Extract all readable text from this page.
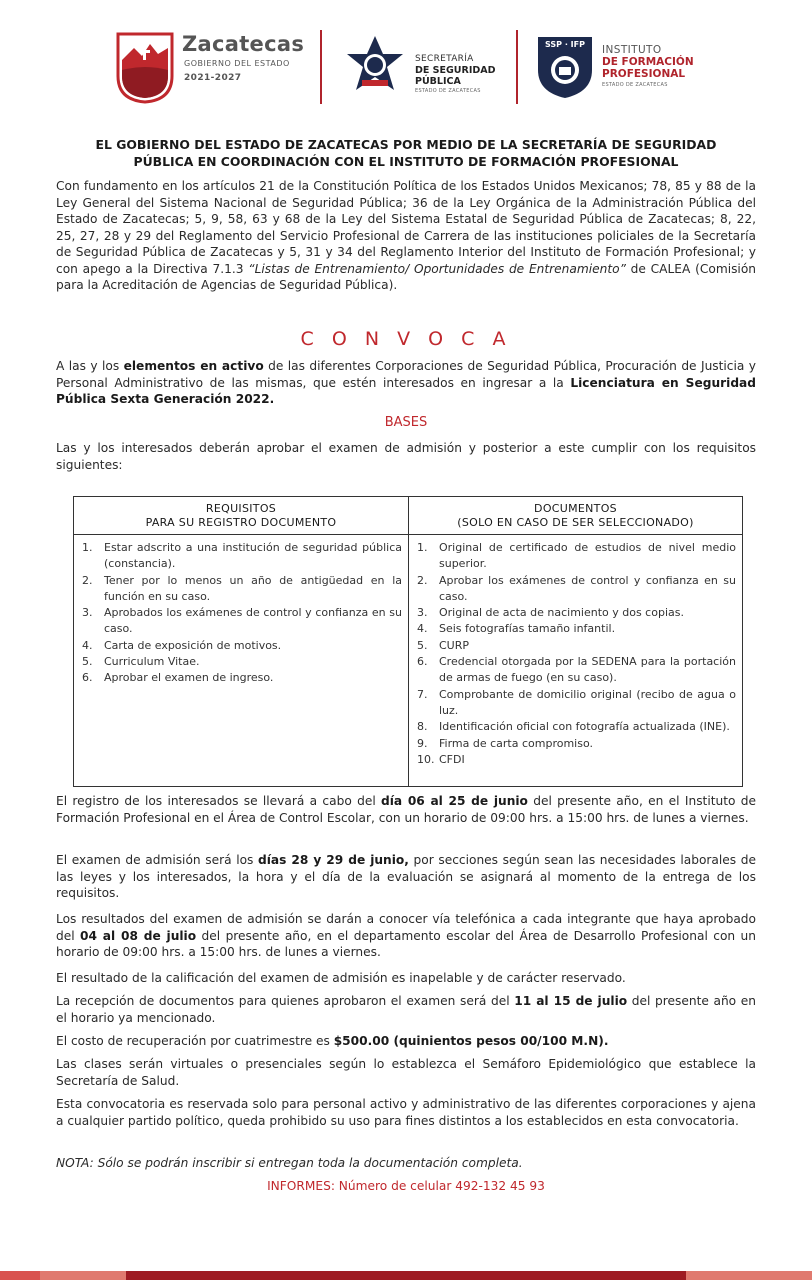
Zacatecas
GOBIERNO DEL ESTADO
2021-2027
SECRETARÍA
DE SEGURIDAD
PÚBLICA
ESTADO DE ZACATECAS
SSP · IFP INSTITUTO
DE FORMACIÓN
PROFESIONAL
ESTADO DE ZACATECAS
EL GOBIERNO DEL ESTADO DE ZACATECAS POR MEDIO DE LA SECRETARÍA DE SEGURIDAD
PÚBLICA EN COORDINACIÓN CON EL INSTITUTO DE FORMACIÓN PROFESIONAL

Con fundamento en los artículos 21 de la Constitución Política de los Estados Unidos Mexicanos; 78, 85 y 88 de la Ley General del Sistema Nacional de Seguridad Pública; 36 de la Ley Orgánica de la Administración Pública del Estado de Zacatecas; 5, 9, 58, 63 y 68 de la Ley del Sistema Estatal de Seguridad Pública de Zacatecas; 8, 22, 25, 27, 28 y 29 del Reglamento del Servicio Profesional de Carrera de las instituciones policiales de la Secretaría de Seguridad Pública de Zacatecas y 5, 31 y 34 del Reglamento Interior del Instituto de Formación Profesional; y con apego a la Directiva 7.1.3 “Listas de Entrenamiento/ Oportunidades de Entrenamiento” de CALEA (Comisión para la Acreditación de Agencias de Seguridad Pública).

C O N V O C A

A las y los elementos en activo de las diferentes Corporaciones de Seguridad Pública, Procuración de Justicia y Personal Administrativo de las mismas, que estén interesados en ingresar a la Licenciatura en Seguridad Pública Sexta Generación 2022.

BASES

Las y los interesados deberán aprobar el examen de admisión y posterior a este cumplir con los requisitos siguientes:

REQUISITOS
PARA SU REGISTRO DOCUMENTO
1. Estar adscrito a una institución de seguridad pública (constancia).
2. Tener por lo menos un año de antigüedad en la función en su caso.
3. Aprobados los exámenes de control y confianza en su caso.
4. Carta de exposición de motivos.
5. Curriculum Vitae.
6. Aprobar el examen de ingreso.
DOCUMENTOS
(SOLO EN CASO DE SER SELECCIONADO)
1. Original de certificado de estudios de nivel medio superior.
2. Aprobar los exámenes de control y confianza en su caso.
3. Original de acta de nacimiento y dos copias.
4. Seis fotografías tamaño infantil.
5. CURP
6. Credencial otorgada por la SEDENA para la portación de armas de fuego (en su caso).
7. Comprobante de domicilio original (recibo de agua o luz.
8. Identificación oficial con fotografía actualizada (INE).
9. Firma de carta compromiso.
10. CFDI

El registro de los interesados se llevará a cabo del día 06 al 25 de junio del presente año, en el Instituto de Formación Profesional en el Área de Control Escolar, con un horario de 09:00 hrs. a 15:00 hrs. de lunes a viernes.

El examen de admisión será los días 28 y 29 de junio, por secciones según sean las necesidades laborales de las leyes y los interesados, la hora y el día de la evaluación se asignará al momento de la entrega de los requisitos.

Los resultados del examen de admisión se darán a conocer vía telefónica a cada integrante que haya aprobado del 04 al 08 de julio del presente año, en el departamento escolar del Área de Desarrollo Profesional con un horario de 09:00 hrs. a 15:00 hrs. de lunes a viernes.

El resultado de la calificación del examen de admisión es inapelable y de carácter reservado.

La recepción de documentos para quienes aprobaron el examen será del 11 al 15 de julio del presente año en el horario ya mencionado.

El costo de recuperación por cuatrimestre es $500.00 (quinientos pesos 00/100 M.N).

Las clases serán virtuales o presenciales según lo establezca el Semáforo Epidemiológico que establece la Secretaría de Salud.

Esta convocatoria es reservada solo para personal activo y administrativo de las diferentes corporaciones y ajena a cualquier partido político, queda prohibido su uso para fines distintos a los establecidos en esta convocatoria.

NOTA: Sólo se podrán inscribir si entregan toda la documentación completa.

INFORMES: Número de celular 492-132 45 93
